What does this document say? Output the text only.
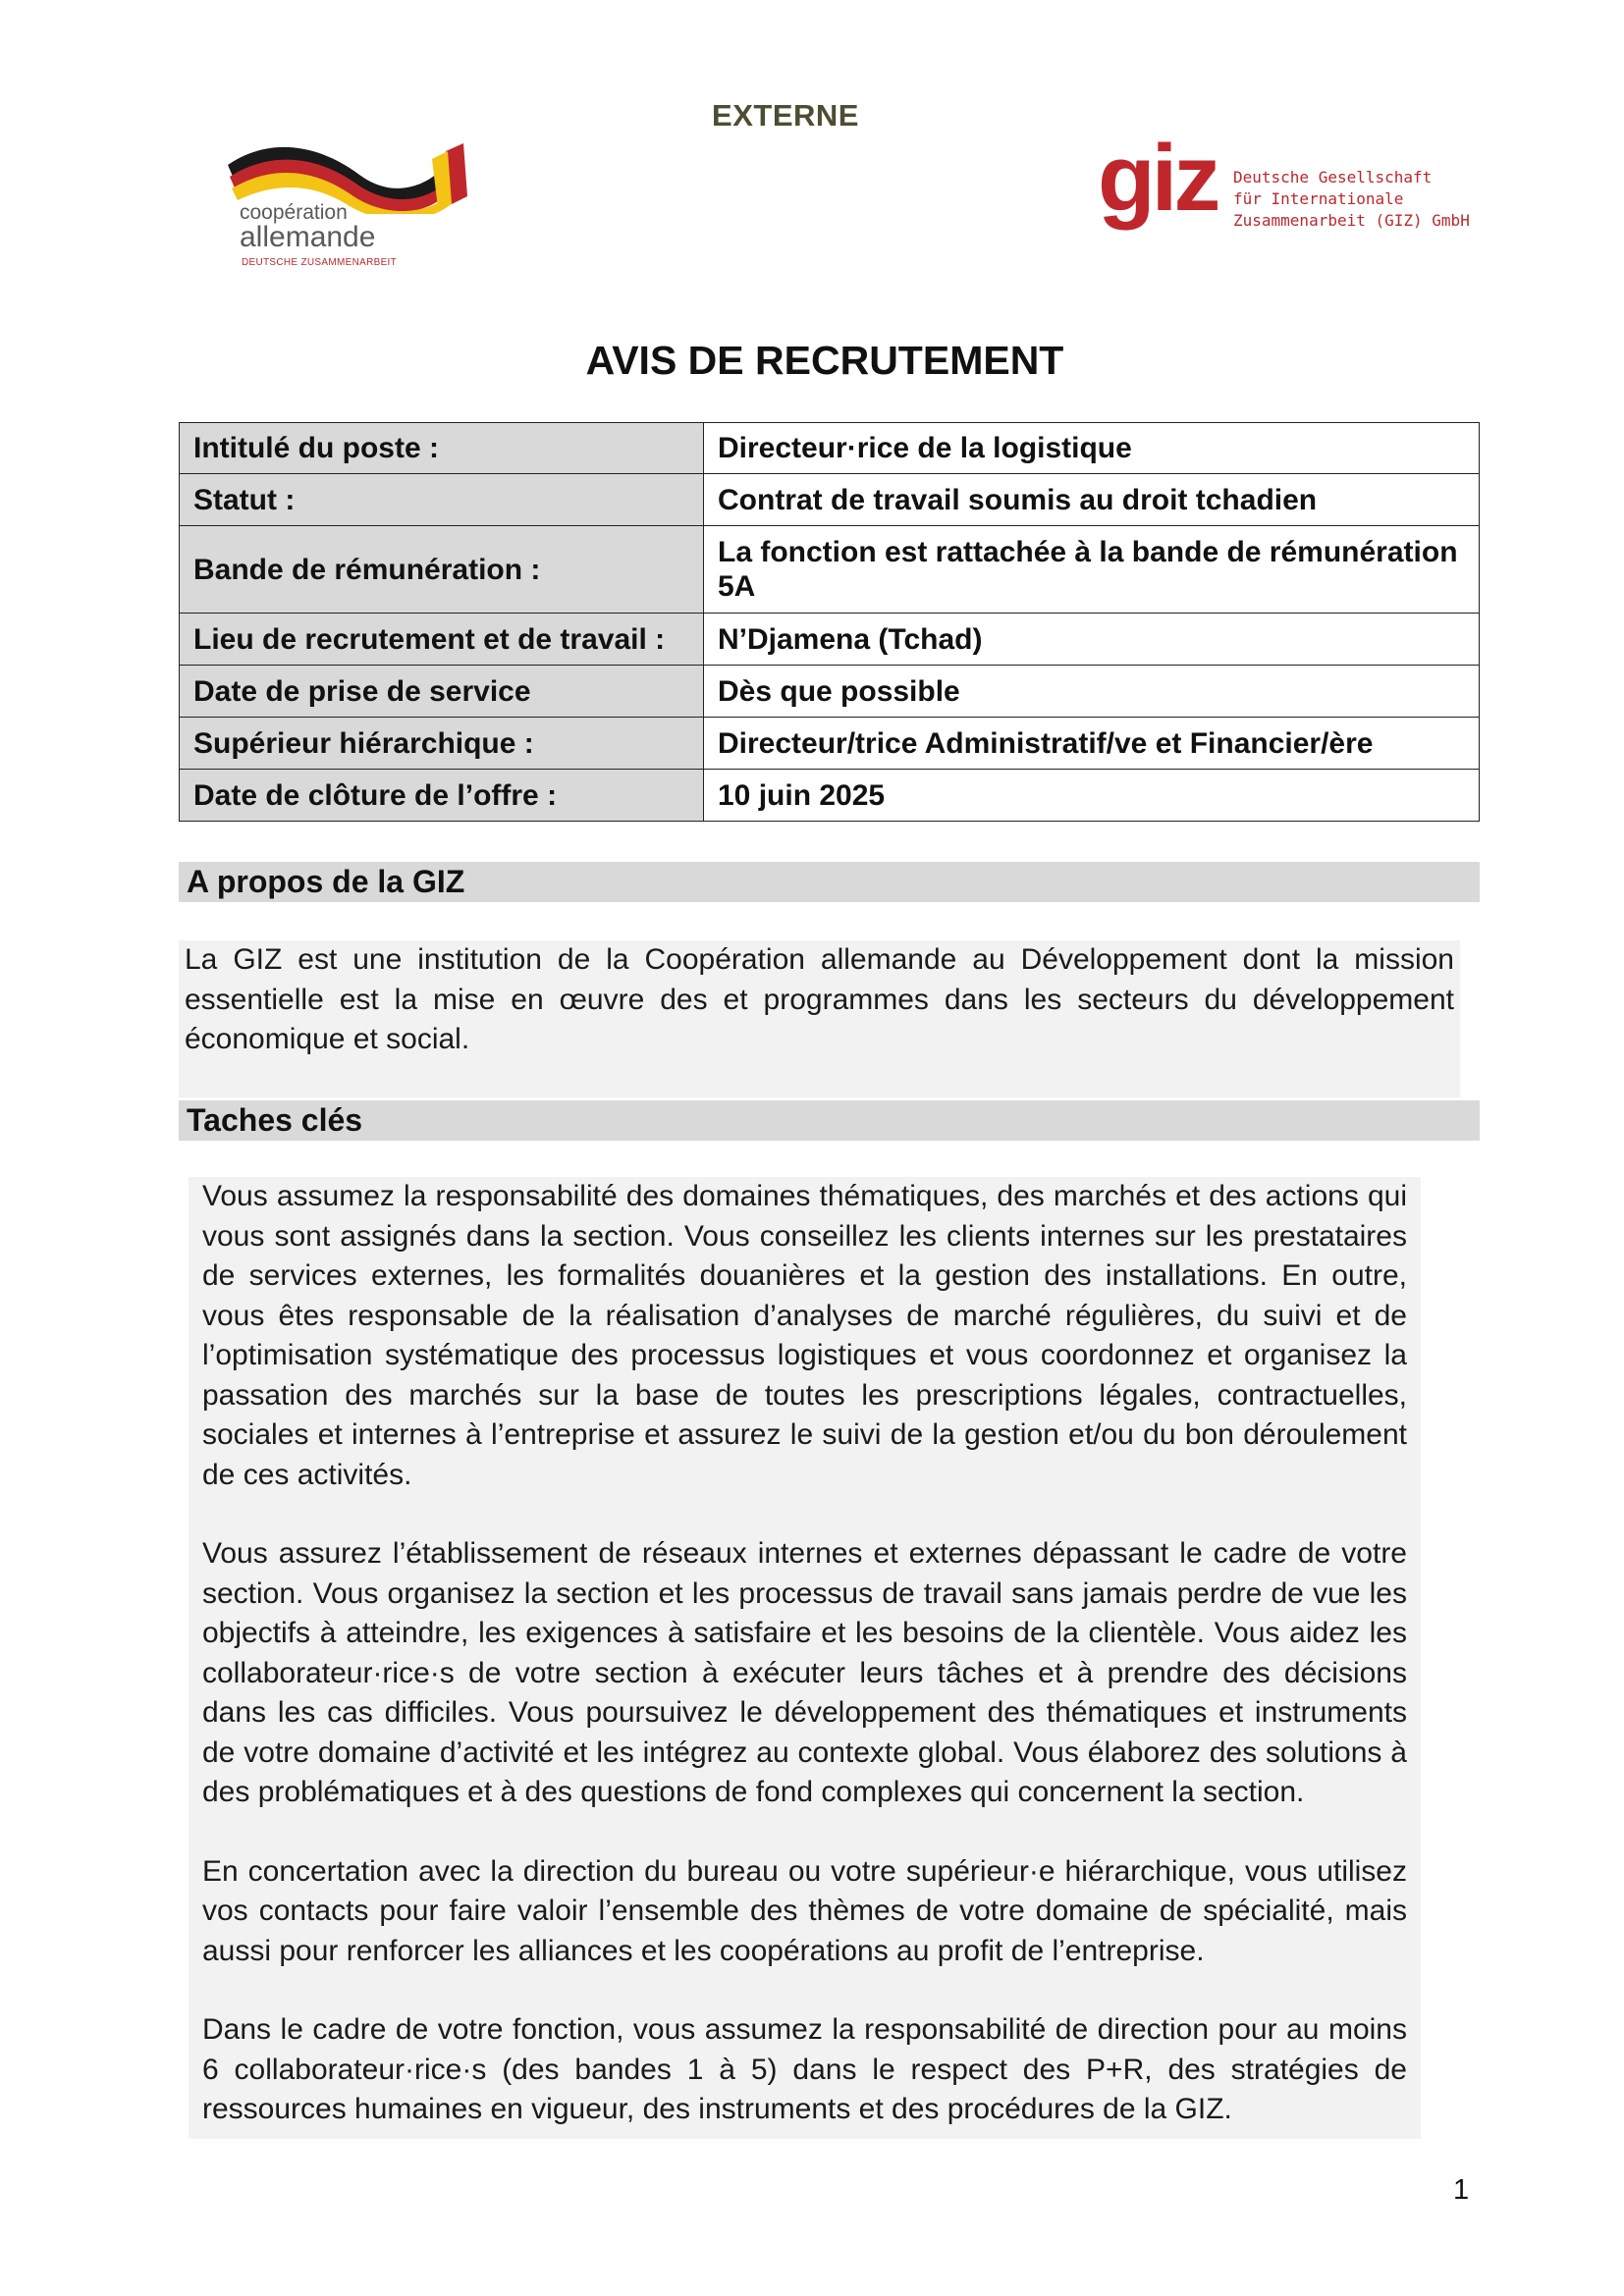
EXTERNE
coopération
allemande
DEUTSCHE ZUSAMMENARBEIT
giz Deutsche Gesellschaft
für Internationale
Zusammenarbeit (GIZ) GmbH
AVIS DE RECRUTEMENT
Intitulé du poste :	Directeur·rice de la logistique
Statut :	Contrat de travail soumis au droit tchadien
Bande de rémunération :	La fonction est rattachée à la bande de rémunération 5A
Lieu de recrutement et de travail :	N’Djamena (Tchad)
Date de prise de service	Dès que possible
Supérieur hiérarchique :	Directeur/trice Administratif/ve et Financier/ère
Date de clôture de l’offre :	10 juin 2025
A propos de la GIZ
La GIZ est une institution de la Coopération allemande au Développement dont la mission essentielle est la mise en œuvre des et programmes dans les secteurs du développement économique et social.
Taches clés

Vous assumez la responsabilité des domaines thématiques, des marchés et des actions qui vous sont assignés dans la section. Vous conseillez les clients internes sur les prestataires de services externes, les formalités douanières et la gestion des installations. En outre, vous êtes responsable de la réalisation d’analyses de marché régulières, du suivi et de l’optimisation systématique des processus logistiques et vous coordonnez et organisez la passation des marchés sur la base de toutes les prescriptions légales, contractuelles, sociales et internes à l’entreprise et assurez le suivi de la gestion et/ou du bon déroulement de ces activités.

Vous assurez l’établissement de réseaux internes et externes dépassant le cadre de votre section. Vous organisez la section et les processus de travail sans jamais perdre de vue les objectifs à atteindre, les exigences à satisfaire et les besoins de la clientèle. Vous aidez les collaborateur·rice·s de votre section à exécuter leurs tâches et à prendre des décisions dans les cas difficiles. Vous poursuivez le développement des thématiques et instruments de votre domaine d’activité et les intégrez au contexte global. Vous élaborez des solutions à des problématiques et à des questions de fond complexes qui concernent la section.

En concertation avec la direction du bureau ou votre supérieur·e hiérarchique, vous utilisez vos contacts pour faire valoir l’ensemble des thèmes de votre domaine de spécialité, mais aussi pour renforcer les alliances et les coopérations au profit de l’entreprise.

Dans le cadre de votre fonction, vous assumez la responsabilité de direction pour au moins 6 collaborateur·rice·s (des bandes 1 à 5) dans le respect des P+R, des stratégies de ressources humaines en vigueur, des instruments et des procédures de la GIZ.

1
